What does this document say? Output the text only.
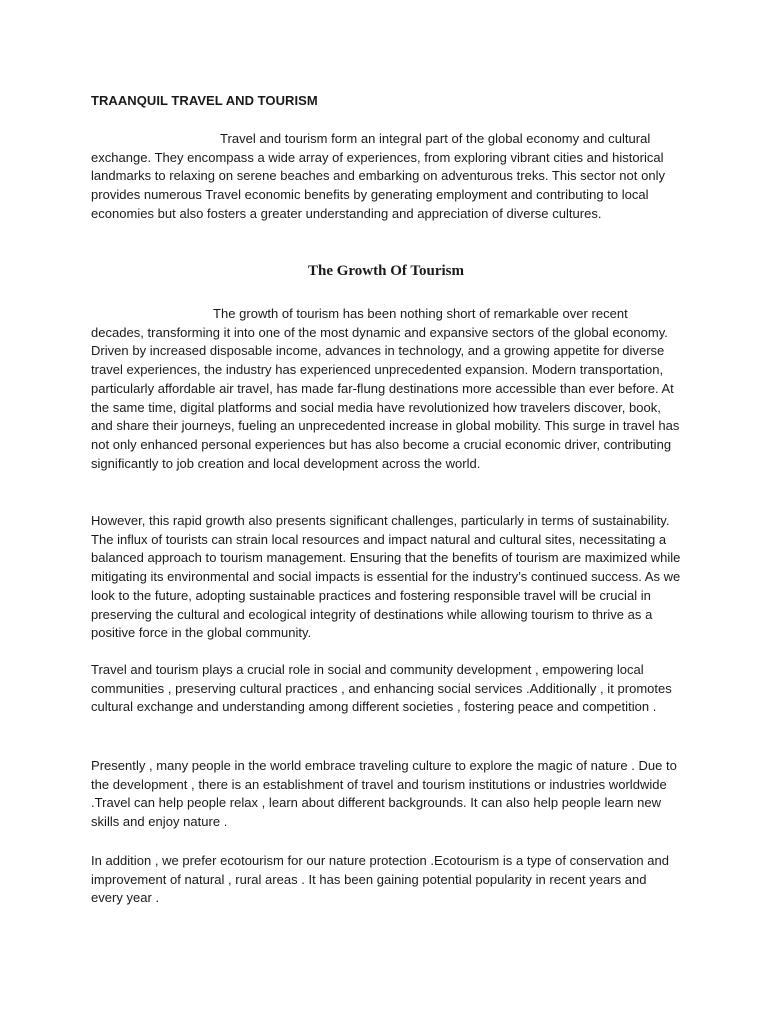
TRAANQUIL TRAVEL AND TOURISM

Travel and tourism form an integral part of the global economy and cultural exchange. They encompass a wide array of experiences, from exploring vibrant cities and historical landmarks to relaxing on serene beaches and embarking on adventurous treks. This sector not only provides numerous Travel economic benefits by generating employment and contributing to local economies but also fosters a greater understanding and appreciation of diverse cultures.

The Growth Of Tourism

The growth of tourism has been nothing short of remarkable over recent decades, transforming it into one of the most dynamic and expansive sectors of the global economy. Driven by increased disposable income, advances in technology, and a growing appetite for diverse travel experiences, the industry has experienced unprecedented expansion. Modern transportation, particularly affordable air travel, has made far-flung destinations more accessible than ever before. At the same time, digital platforms and social media have revolutionized how travelers discover, book, and share their journeys, fueling an unprecedented increase in global mobility. This surge in travel has not only enhanced personal experiences but has also become a crucial economic driver, contributing significantly to job creation and local development across the world.

However, this rapid growth also presents significant challenges, particularly in terms of sustainability. The influx of tourists can strain local resources and impact natural and cultural sites, necessitating a balanced approach to tourism management. Ensuring that the benefits of tourism are maximized while mitigating its environmental and social impacts is essential for the industry’s continued success. As we look to the future, adopting sustainable practices and fostering responsible travel will be crucial in preserving the cultural and ecological integrity of destinations while allowing tourism to thrive as a positive force in the global community.

Travel and tourism plays a crucial role in social and community development , empowering local communities , preserving cultural practices , and enhancing social services .Additionally , it promotes cultural exchange and understanding among different societies , fostering peace and competition .

Presently , many people in the world embrace traveling culture to explore the magic of nature . Due to the development , there is an establishment of travel and tourism institutions or industries worldwide .Travel can help people relax , learn about different backgrounds. It can also help people learn new skills and enjoy nature .

In addition , we prefer ecotourism for our nature protection .Ecotourism is a type of conservation and improvement of natural , rural areas . It has been gaining potential popularity in recent years and every year .
